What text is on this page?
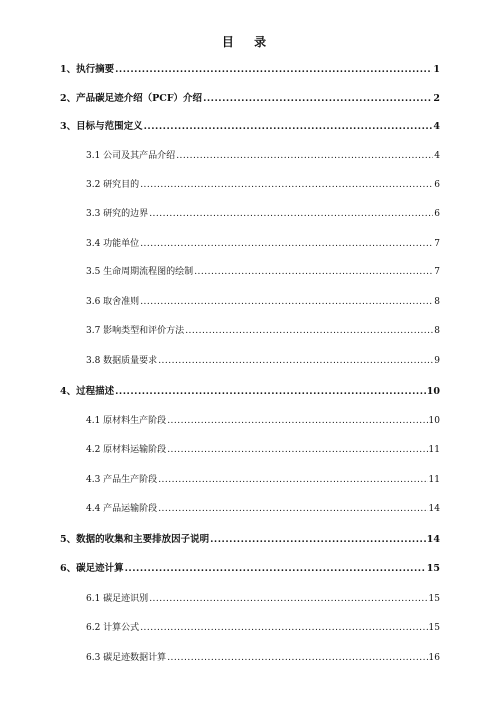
目 录
1、执行摘要 .....	1
2、产品碳足迹介绍（PCF）介绍 .....	2
3、目标与范围定义 .....	4
3.1 公司及其产品介绍 .....	4
3.2 研究目的 .....	6
3.3 研究的边界 .....	6
3.4 功能单位 .....	7
3.5 生命周期流程图的绘制 .....	7
3.6 取舍准则 .....	8
3.7 影响类型和评价方法 .....	8
3.8 数据质量要求 .....	9
4、过程描述 .....	10
4.1 原材料生产阶段 .....	10
4.2 原材料运输阶段 .....	11
4.3 产品生产阶段 .....	11
4.4 产品运输阶段 .....	14
5、数据的收集和主要排放因子说明 .....	14
6、碳足迹计算 .....	15
6.1 碳足迹识别 .....	15
6.2 计算公式 .....	15
6.3 碳足迹数据计算 .....	16
